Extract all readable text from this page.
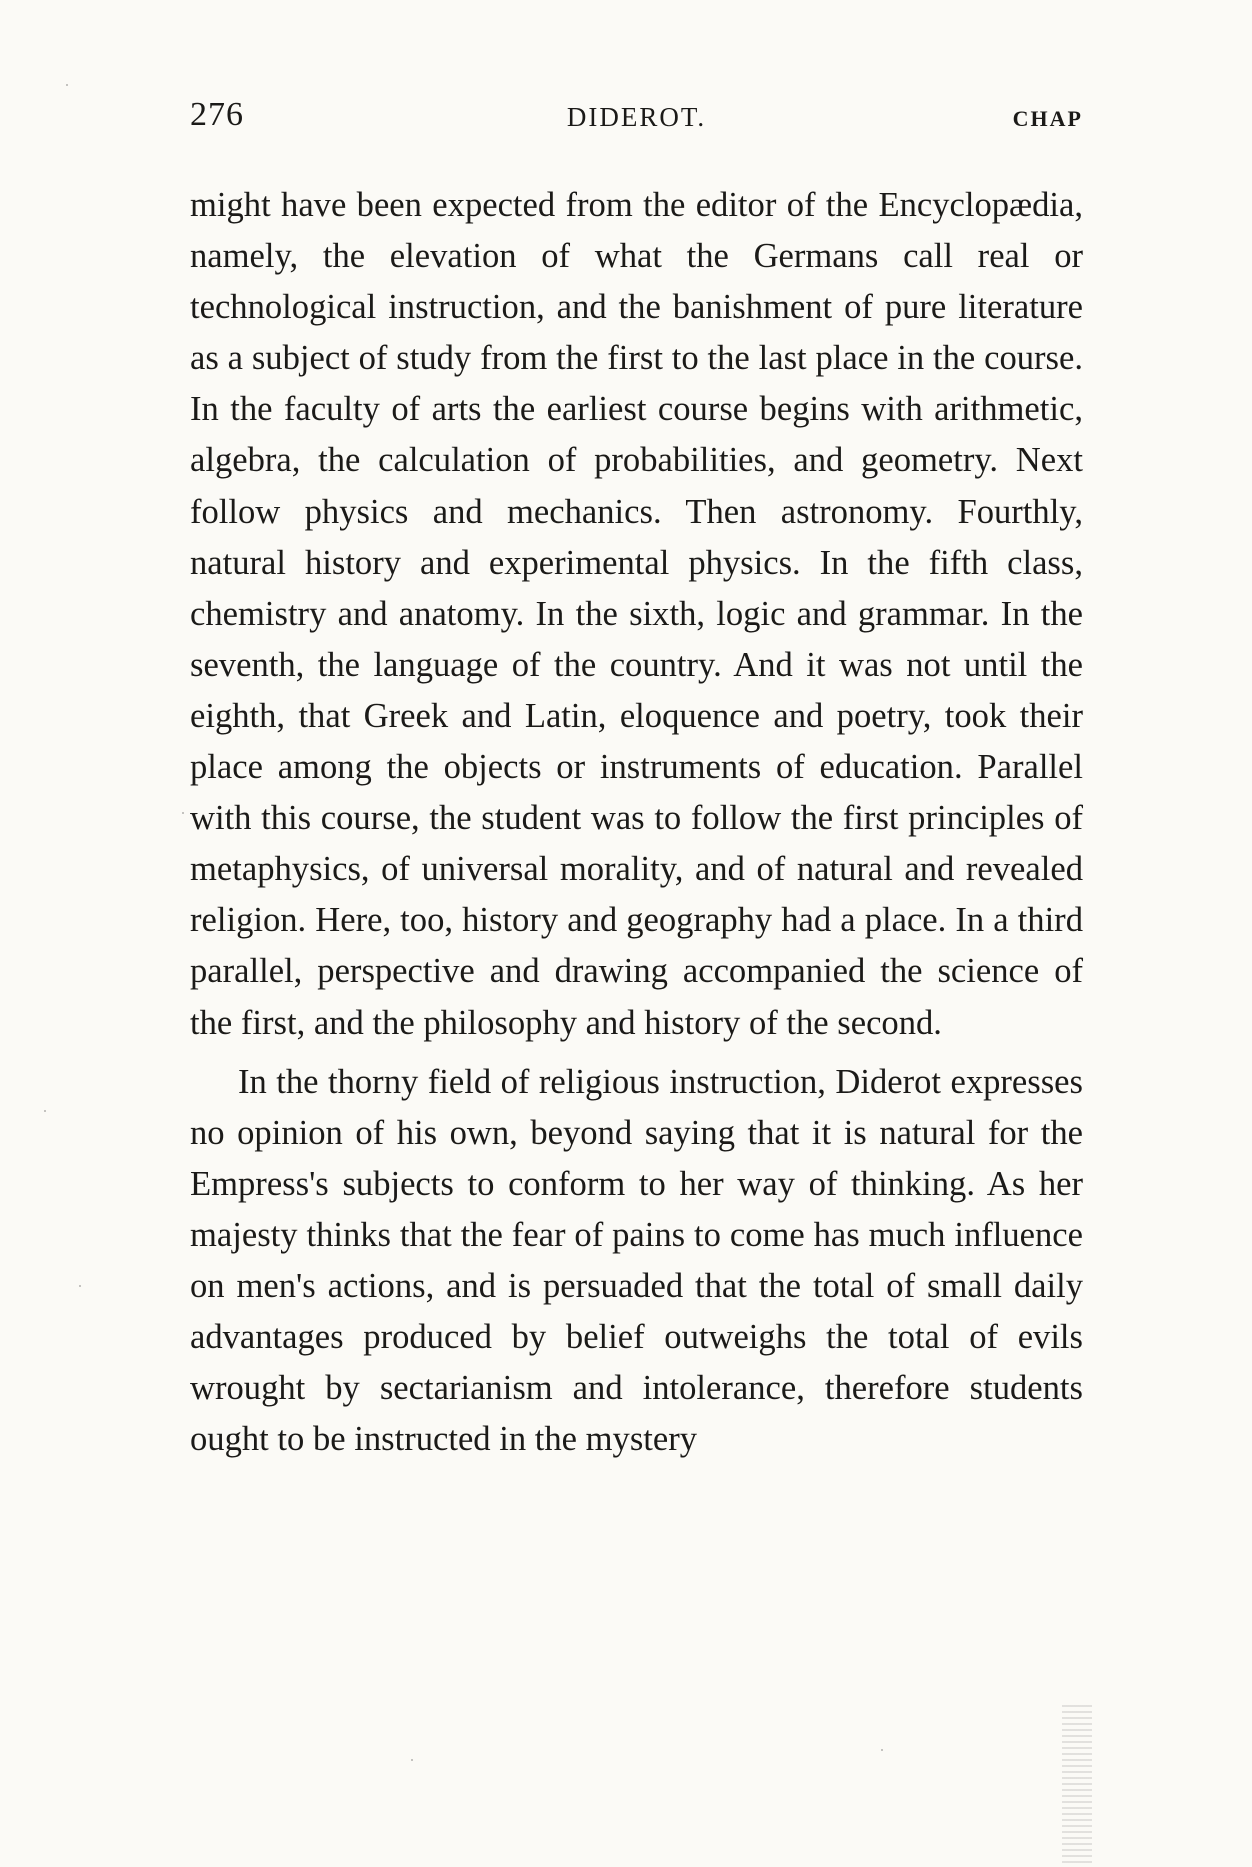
276	DIDEROT.	CHAP

might have been expected from the editor of the Encyclopædia, namely, the elevation of what the Germans call real or technological instruction, and the banishment of pure literature as a subject of study from the first to the last place in the course. In the faculty of arts the earliest course begins with arithmetic, algebra, the calculation of probabilities, and geometry. Next follow physics and mechanics. Then astronomy. Fourthly, natural history and experimental physics. In the fifth class, chemistry and anatomy. In the sixth, logic and grammar. In the seventh, the language of the country. And it was not until the eighth, that Greek and Latin, eloquence and poetry, took their place among the objects or instruments of education. Parallel with this course, the student was to follow the first principles of metaphysics, of universal morality, and of natural and revealed religion. Here, too, history and geography had a place. In a third parallel, perspective and drawing accompanied the science of the first, and the philosophy and history of the second.

In the thorny field of religious instruction, Diderot expresses no opinion of his own, beyond saying that it is natural for the Empress's subjects to conform to her way of thinking. As her majesty thinks that the fear of pains to come has much influence on men's actions, and is persuaded that the total of small daily advantages produced by belief outweighs the total of evils wrought by sectarianism and intolerance, therefore students ought to be instructed in the mystery
